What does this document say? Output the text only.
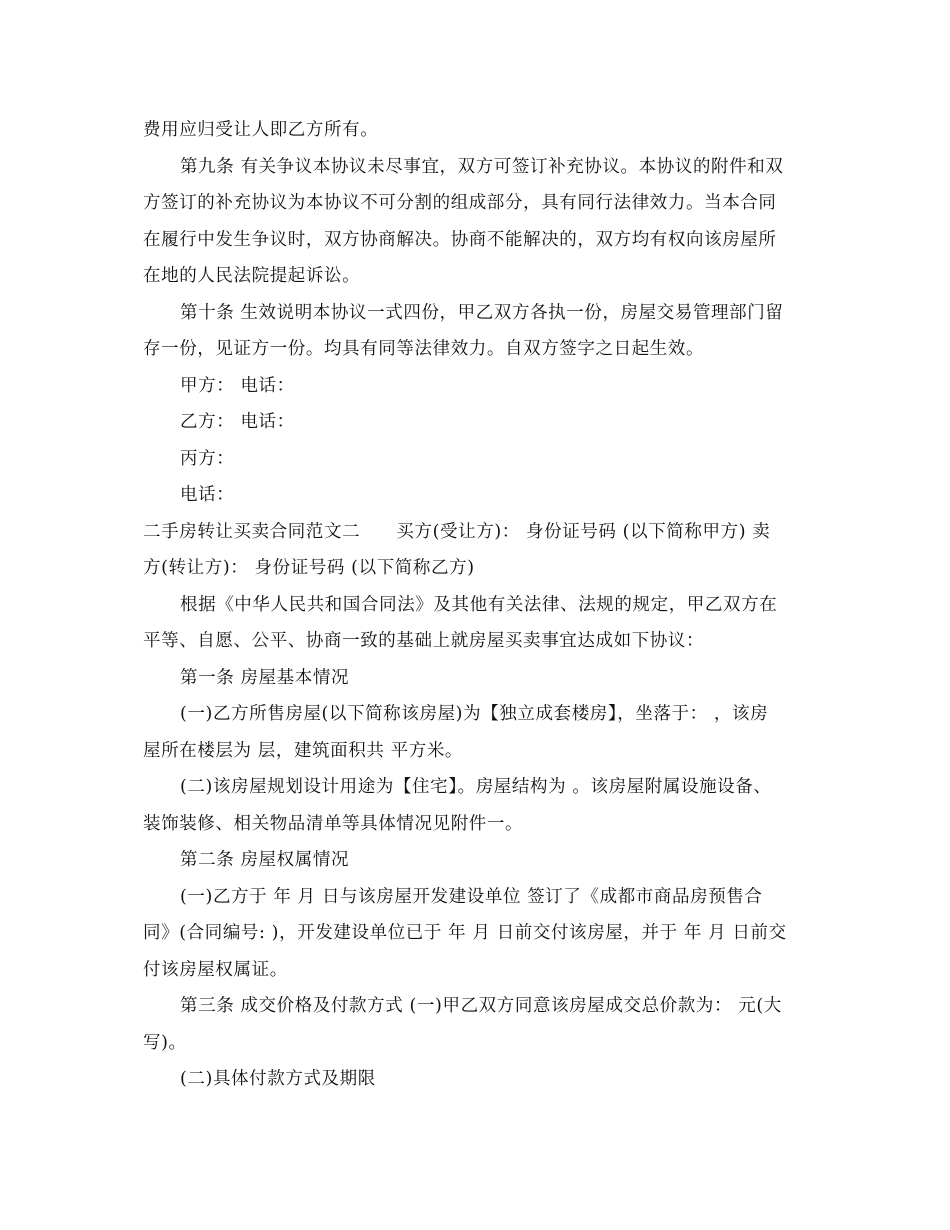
费用应归受让人即乙方所有。
第九条 有关争议本协议未尽事宜，双方可签订补充协议。本协议的附件和双
方签订的补充协议为本协议不可分割的组成部分，具有同行法律效力。当本合同
在履行中发生争议时，双方协商解决。协商不能解决的，双方均有权向该房屋所
在地的人民法院提起诉讼。
第十条 生效说明本协议一式四份，甲乙双方各执一份，房屋交易管理部门留
存一份，见证方一份。均具有同等法律效力。自双方签字之日起生效。
甲方： 电话：
乙方： 电话：
丙方：
电话：
二手房转让买卖合同范文二　　买方(受让方)： 身份证号码 (以下简称甲方) 卖
方(转让方)： 身份证号码 (以下简称乙方)
根据《中华人民共和国合同法》及其他有关法律、法规的规定，甲乙双方在
平等、自愿、公平、协商一致的基础上就房屋买卖事宜达成如下协议：
第一条 房屋基本情况
(一)乙方所售房屋(以下简称该房屋)为【独立成套楼房】，坐落于： ，该房
屋所在楼层为 层，建筑面积共 平方米。
(二)该房屋规划设计用途为【住宅】。房屋结构为 。该房屋附属设施设备、
装饰装修、相关物品清单等具体情况见附件一。
第二条 房屋权属情况
(一)乙方于 年 月 日与该房屋开发建设单位 签订了《成都市商品房预售合
同》(合同编号: )，开发建设单位已于 年 月 日前交付该房屋，并于 年 月 日前交
付该房屋权属证。
第三条 成交价格及付款方式 (一)甲乙双方同意该房屋成交总价款为： 元(大
写)。
(二)具体付款方式及期限
